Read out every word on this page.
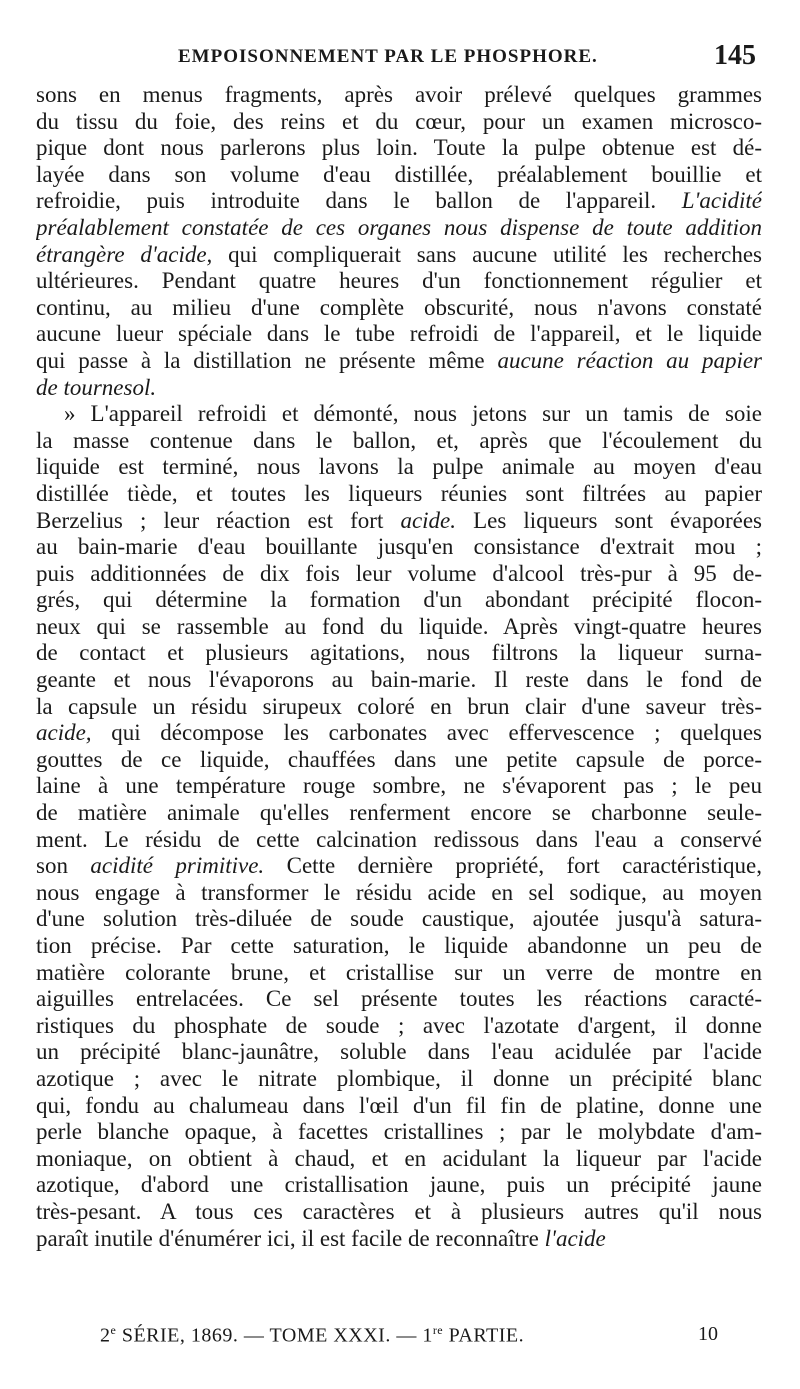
EMPOISONNEMENT PAR LE PHOSPHORE.	145
sons en menus fragments, après avoir prélevé quelques grammes
du tissu du foie, des reins et du cœur, pour un examen microsco-
pique dont nous parlerons plus loin. Toute la pulpe obtenue est dé-
layée dans son volume d'eau distillée, préalablement bouillie et
refroidie, puis introduite dans le ballon de l'appareil. L'acidité
préalablement constatée de ces organes nous dispense de toute addition
étrangère d'acide, qui compliquerait sans aucune utilité les recherches
ultérieures. Pendant quatre heures d'un fonctionnement régulier et
continu, au milieu d'une complète obscurité, nous n'avons constaté
aucune lueur spéciale dans le tube refroidi de l'appareil, et le liquide
qui passe à la distillation ne présente même aucune réaction au papier
de tournesol.
» L'appareil refroidi et démonté, nous jetons sur un tamis de soie
la masse contenue dans le ballon, et, après que l'écoulement du
liquide est terminé, nous lavons la pulpe animale au moyen d'eau
distillée tiède, et toutes les liqueurs réunies sont filtrées au papier
Berzelius ; leur réaction est fort acide. Les liqueurs sont évaporées
au bain-marie d'eau bouillante jusqu'en consistance d'extrait mou ;
puis additionnées de dix fois leur volume d'alcool très-pur à 95 de-
grés, qui détermine la formation d'un abondant précipité flocon-
neux qui se rassemble au fond du liquide. Après vingt-quatre heures
de contact et plusieurs agitations, nous filtrons la liqueur surna-
geante et nous l'évaporons au bain-marie. Il reste dans le fond de
la capsule un résidu sirupeux coloré en brun clair d'une saveur très-
acide, qui décompose les carbonates avec effervescence ; quelques
gouttes de ce liquide, chauffées dans une petite capsule de porce-
laine à une température rouge sombre, ne s'évaporent pas ; le peu
de matière animale qu'elles renferment encore se charbonne seule-
ment. Le résidu de cette calcination redissous dans l'eau a conservé
son acidité primitive. Cette dernière propriété, fort caractéristique,
nous engage à transformer le résidu acide en sel sodique, au moyen
d'une solution très-diluée de soude caustique, ajoutée jusqu'à satura-
tion précise. Par cette saturation, le liquide abandonne un peu de
matière colorante brune, et cristallise sur un verre de montre en
aiguilles entrelacées. Ce sel présente toutes les réactions caracté-
ristiques du phosphate de soude ; avec l'azotate d'argent, il donne
un précipité blanc-jaunâtre, soluble dans l'eau acidulée par l'acide
azotique ; avec le nitrate plombique, il donne un précipité blanc
qui, fondu au chalumeau dans l'œil d'un fil fin de platine, donne une
perle blanche opaque, à facettes cristallines ; par le molybdate d'am-
moniaque, on obtient à chaud, et en acidulant la liqueur par l'acide
azotique, d'abord une cristallisation jaune, puis un précipité jaune
très-pesant. A tous ces caractères et à plusieurs autres qu'il nous
paraît inutile d'énumérer ici, il est facile de reconnaître l'acide
2e SÉRIE, 1869. — TOME XXXI. — 1re PARTIE.	10
